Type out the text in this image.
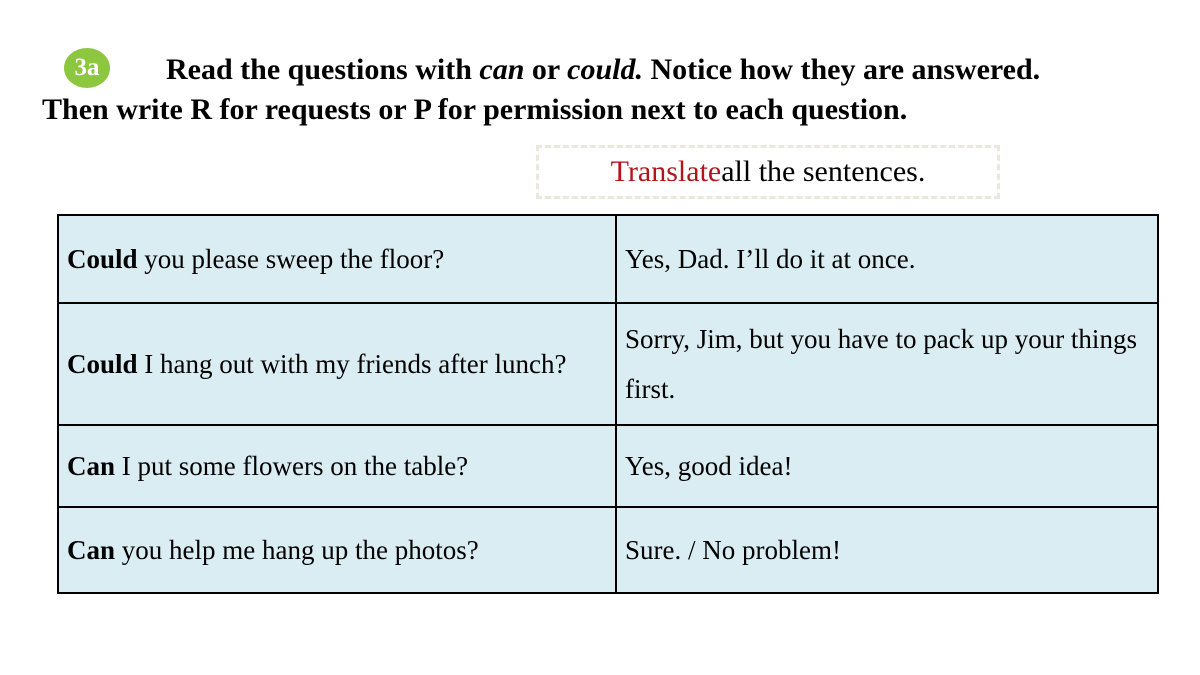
3a	Read the questions with can or could. Notice how they are answered.
Then write R for requests or P for permission next to each question.
Translate all the sentences.
Could you please sweep the floor?	Yes, Dad. I’ll do it at once.
Could I hang out with my friends after lunch?	Sorry, Jim, but you have to pack up your things first.
Can I put some flowers on the table?	Yes, good idea!
Can you help me hang up the photos?	Sure. / No problem!
